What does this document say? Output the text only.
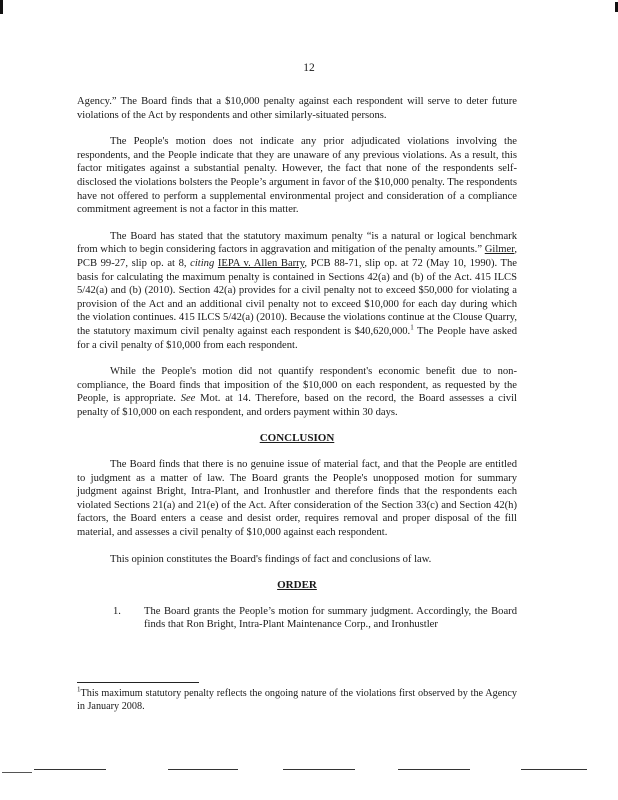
12

Agency.” The Board finds that a $10,000 penalty against each respondent will serve to deter future violations of the Act by respondents and other similarly-situated persons.

The People's motion does not indicate any prior adjudicated violations involving the respondents, and the People indicate that they are unaware of any previous violations. As a result, this factor mitigates against a substantial penalty. However, the fact that none of the respondents self-disclosed the violations bolsters the People’s argument in favor of the $10,000 penalty. The respondents have not offered to perform a supplemental environmental project and consideration of a compliance commitment agreement is not a factor in this matter.

The Board has stated that the statutory maximum penalty “is a natural or logical benchmark from which to begin considering factors in aggravation and mitigation of the penalty amounts.” Gilmer, PCB 99-27, slip op. at 8, citing IEPA v. Allen Barry, PCB 88-71, slip op. at 72 (May 10, 1990). The basis for calculating the maximum penalty is contained in Sections 42(a) and (b) of the Act. 415 ILCS 5/42(a) and (b) (2010). Section 42(a) provides for a civil penalty not to exceed $50,000 for violating a provision of the Act and an additional civil penalty not to exceed $10,000 for each day during which the violation continues. 415 ILCS 5/42(a) (2010). Because the violations continue at the Clouse Quarry, the statutory maximum civil penalty against each respondent is $40,620,000.$^1$ The People have asked for a civil penalty of $10,000 from each respondent.

While the People's motion did not quantify respondent's economic benefit due to non-compliance, the Board finds that imposition of the $10,000 on each respondent, as requested by the People, is appropriate. See Mot. at 14. Therefore, based on the record, the Board assesses a civil penalty of $10,000 on each respondent, and orders payment within 30 days.

CONCLUSION

The Board finds that there is no genuine issue of material fact, and that the People are entitled to judgment as a matter of law. The Board grants the People's unopposed motion for summary judgment against Bright, Intra-Plant, and Ironhustler and therefore finds that the respondents each violated Sections 21(a) and 21(e) of the Act. After consideration of the Section 33(c) and Section 42(h) factors, the Board enters a cease and desist order, requires removal and proper disposal of the fill material, and assesses a civil penalty of $10,000 against each respondent.

This opinion constitutes the Board's findings of fact and conclusions of law.

ORDER
1.	The Board grants the People’s motion for summary judgment. Accordingly, the Board finds that Ron Bright, Intra-Plant Maintenance Corp., and Ironhustler
$^1$This maximum statutory penalty reflects the ongoing nature of the violations first observed by the Agency in January 2008.
